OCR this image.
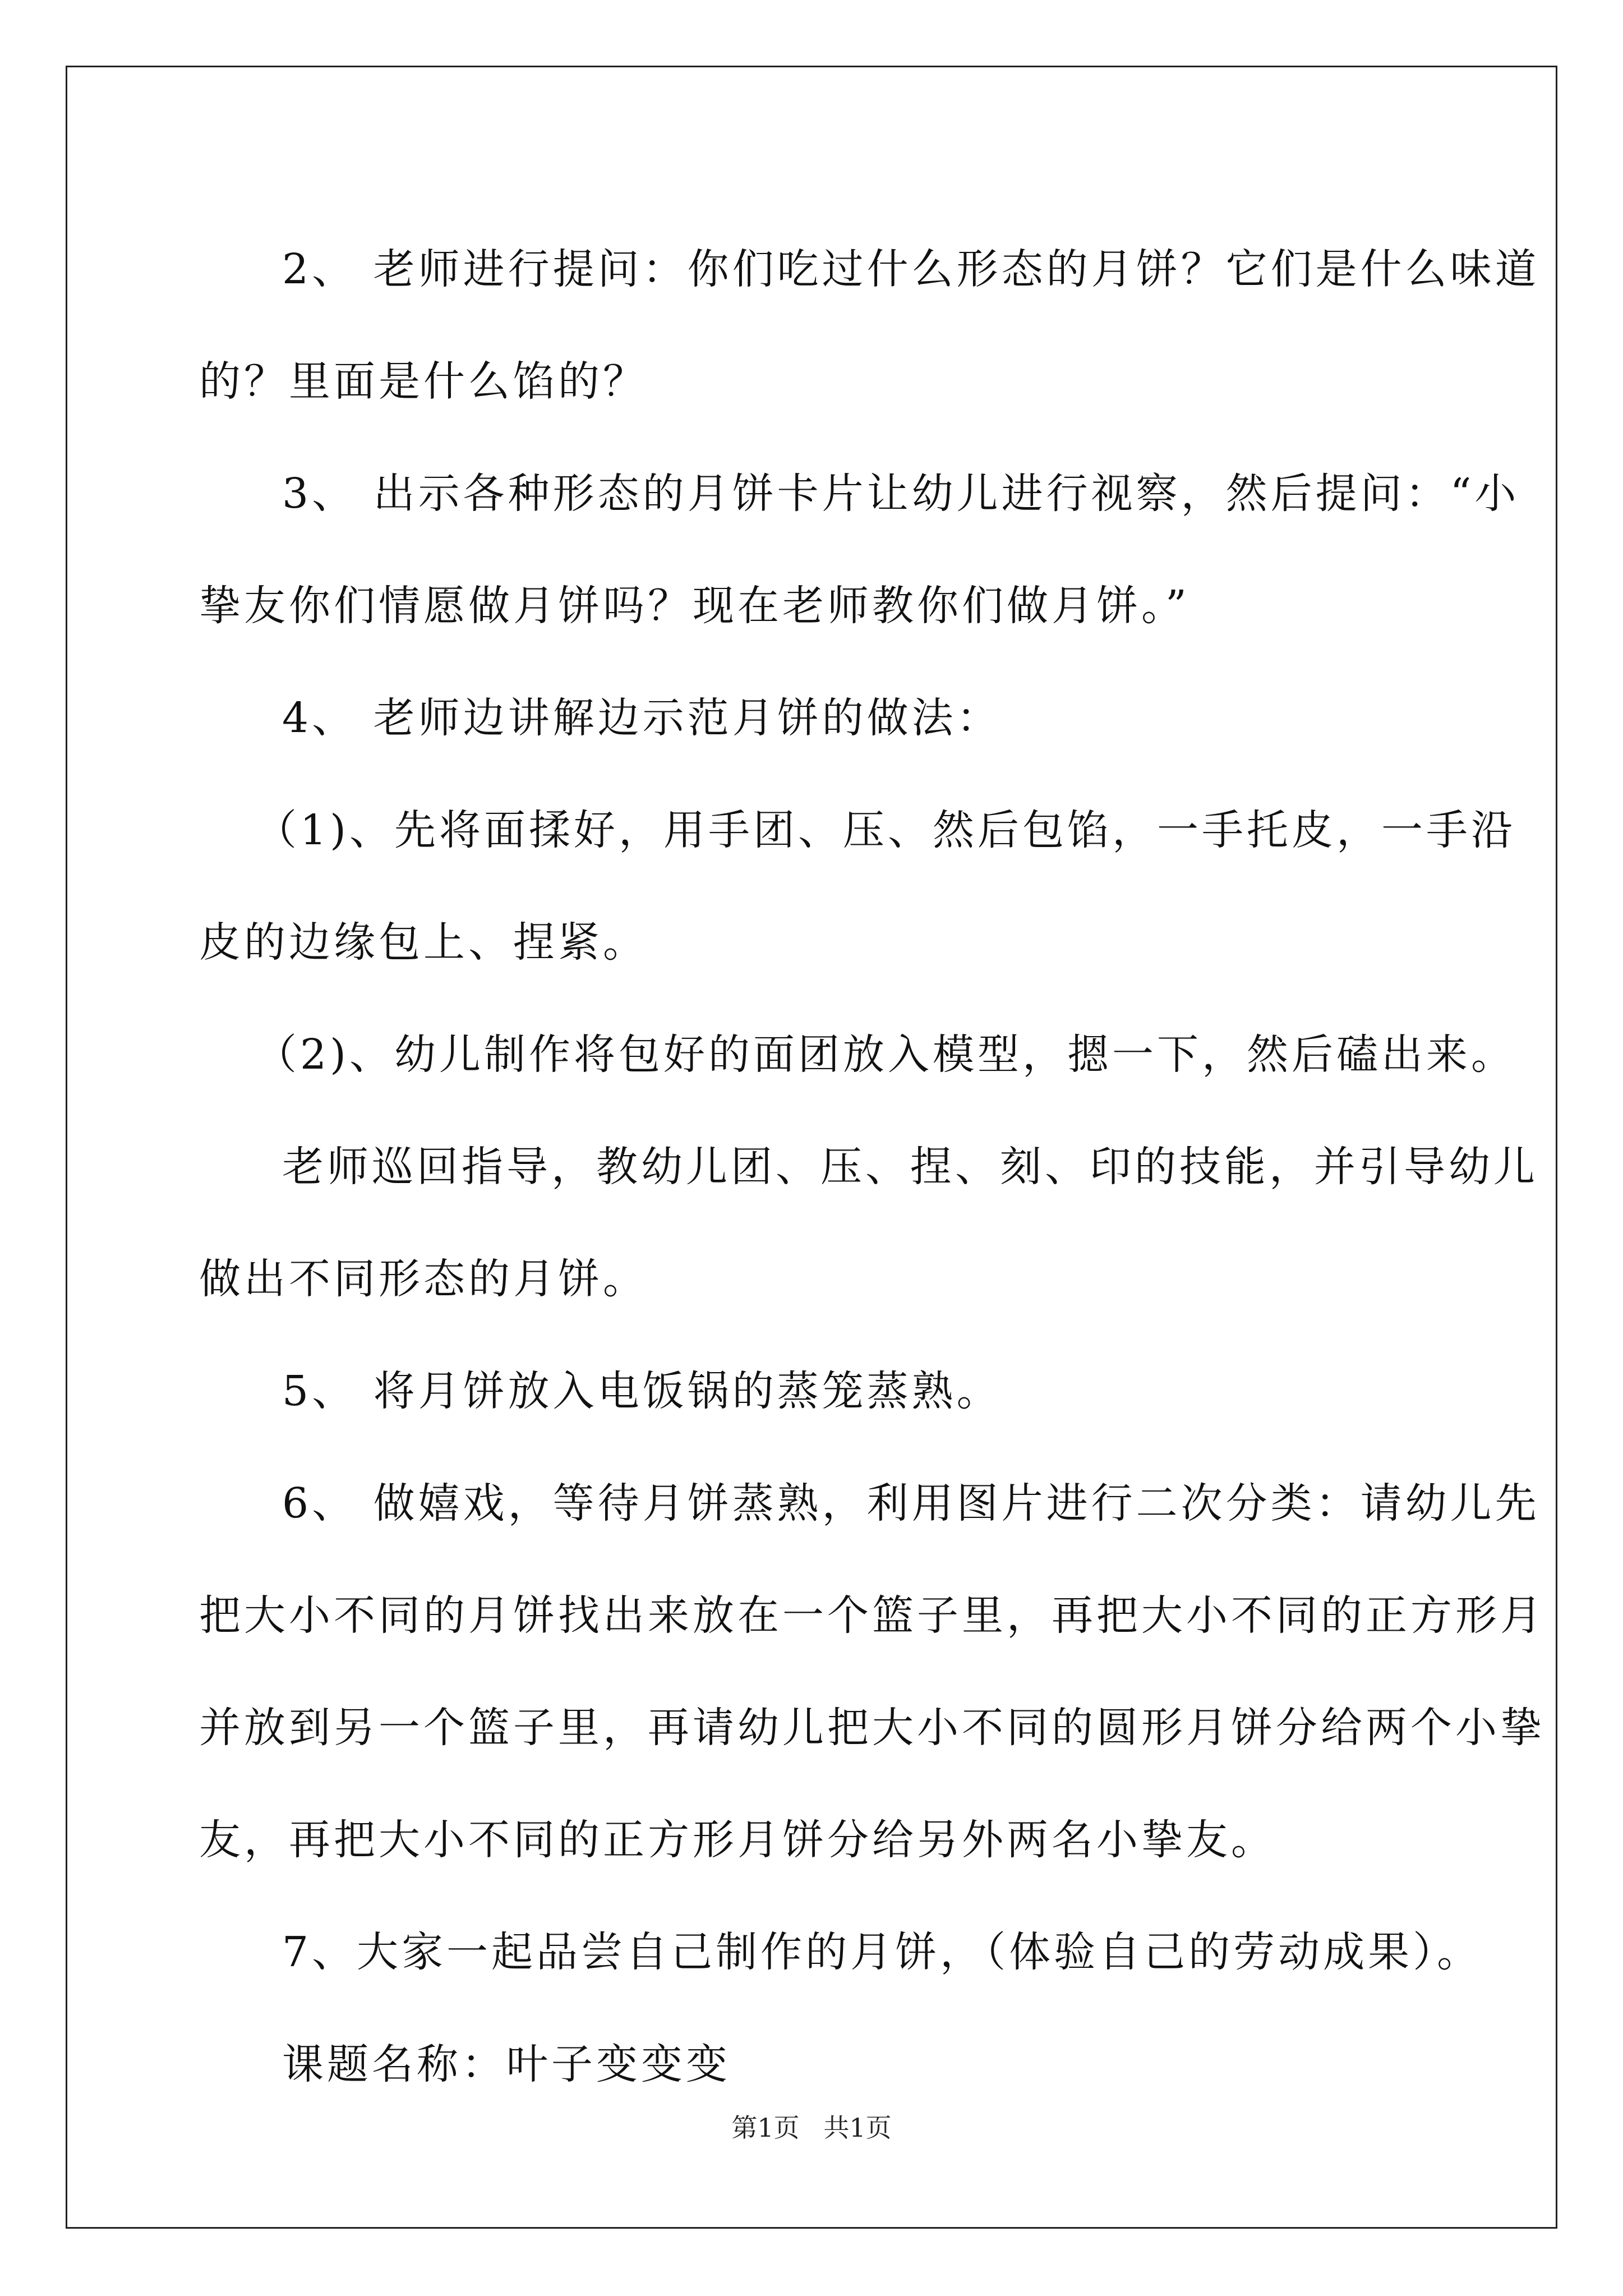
2、 老师进行提问：你们吃过什么形态的月饼？它们是什么味道

的？里面是什么馅的？

3、 出示各种形态的月饼卡片让幼儿进行视察，然后提问：“小

挚友你们情愿做月饼吗？现在老师教你们做月饼。”

4、 老师边讲解边示范月饼的做法：

（1)、先将面揉好，用手团、压、然后包馅，一手托皮，一手沿

皮的边缘包上、捏紧。

（2)、幼儿制作将包好的面团放入模型，摁一下，然后磕出来。

老师巡回指导，教幼儿团、压、捏、刻、印的技能，并引导幼儿

做出不同形态的月饼。

5、 将月饼放入电饭锅的蒸笼蒸熟。

6、 做嬉戏，等待月饼蒸熟，利用图片进行二次分类：请幼儿先

把大小不同的月饼找出来放在一个篮子里，再把大小不同的正方形月

并放到另一个篮子里，再请幼儿把大小不同的圆形月饼分给两个小挚

友，再把大小不同的正方形月饼分给另外两名小挚友。

7、大家一起品尝自己制作的月饼，（体验自己的劳动成果）。

课题名称：叶子变变变

第1页 共1页
